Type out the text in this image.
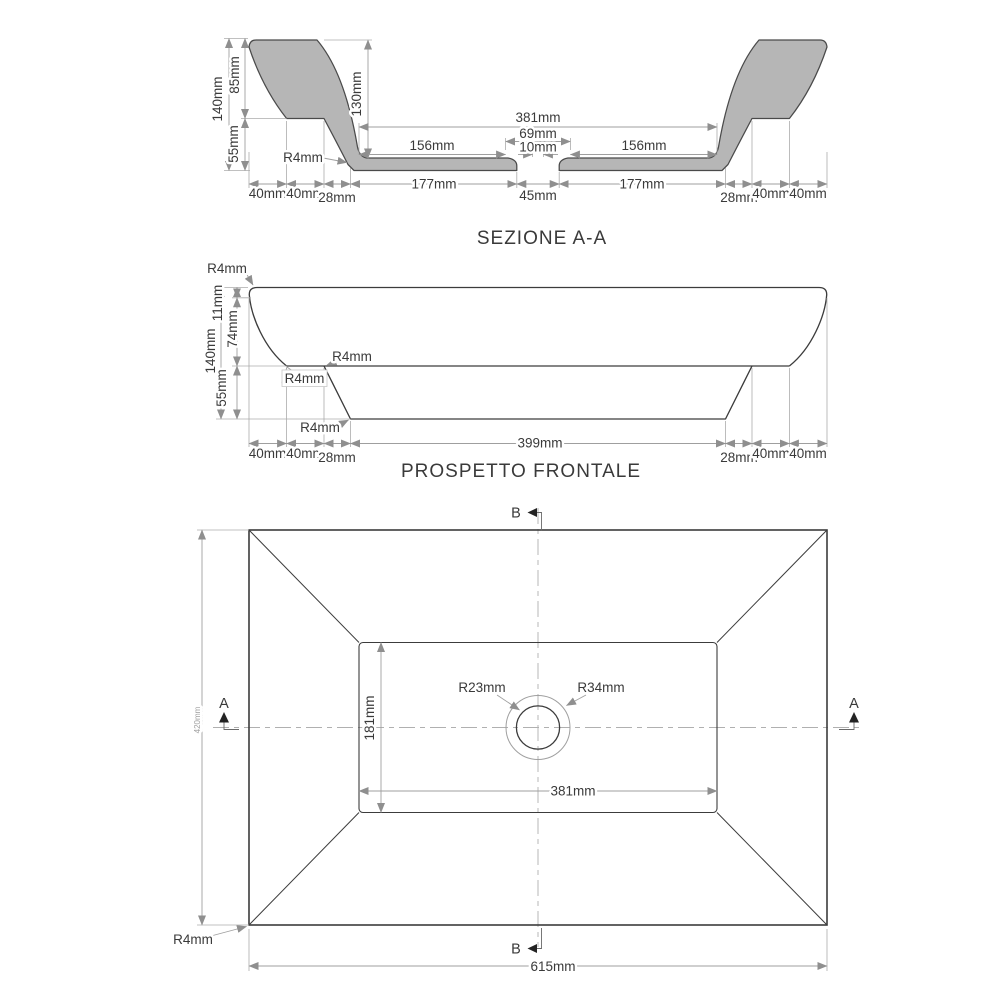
140mm
85mm
55mm
130mm
R4mm
381mm
69mm
10mm
156mm	156mm
177mm	177mm
45mm
40mm 40mm
28mm	28mm
40mm 40mm
SEZIONE A-A
R4mm
R4mm
R4mm
R4mm
140mm
11mm
74mm
55mm
399mm
40mm 40mm
28mm	28mm
40mm 40mm
PROSPETTO FRONTALE
A	A
B
B
181mm
381mm
R23mm	R34mm
420mm
615mm
R4mm
